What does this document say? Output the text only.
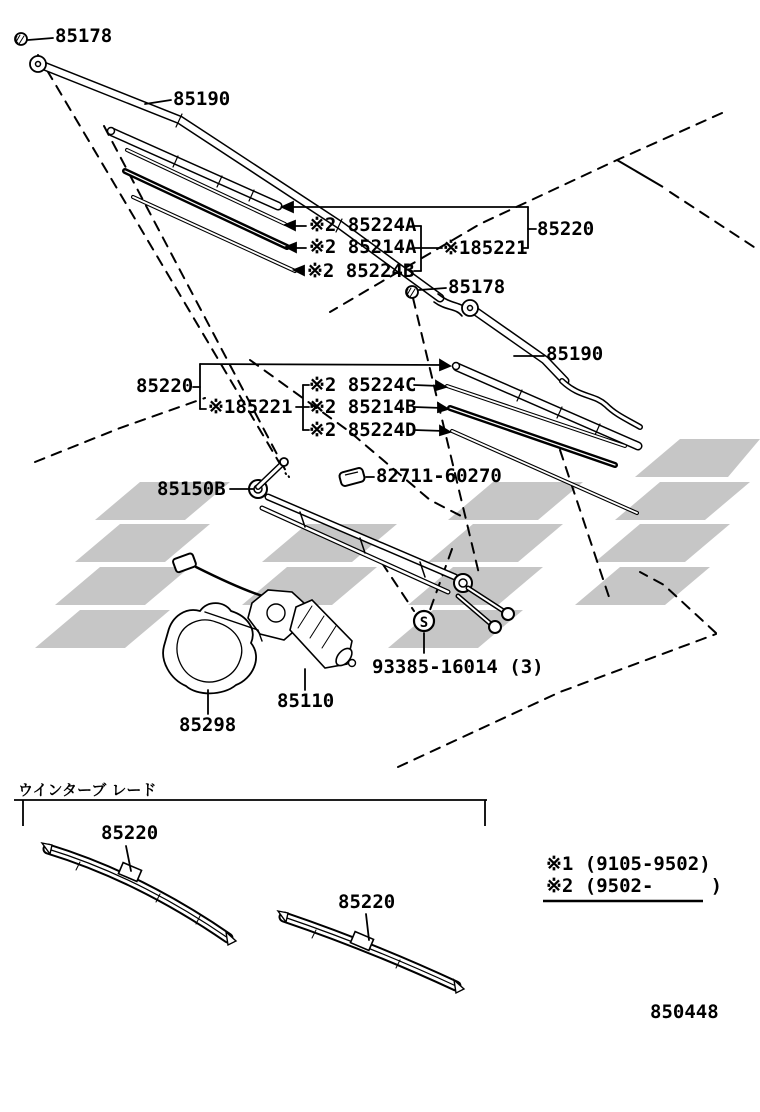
S
85178
85190
※2 85224A
※2 85214A
※2 85224B
※185221
85220
85178
85190
85220
※185221
※2 85224C
※2 85214B
※2 85224D
85150B
82711-60270
93385-16014 (3)
85110
85298
ウインターブ レード
85220
85220
※1 (9105-9502)
※2 (9502-     )
850448
